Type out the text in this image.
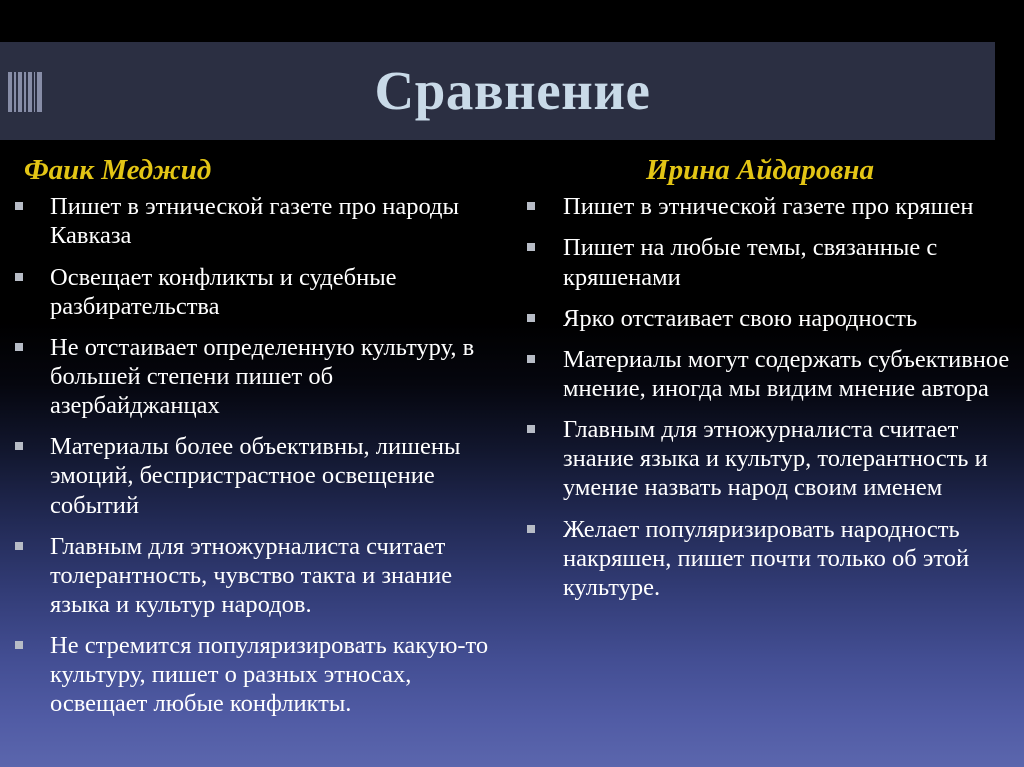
Сравнение
Фаик Меджид
Пишет в этнической газете про народы Кавказа
Освещает конфликты и судебные разбирательства
Не отстаивает определенную культуру, в большей степени пишет об азербайджанцах
Материалы более объективны, лишены эмоций, беспристрастное освещение событий
Главным для этножурналиста считает толерантность, чувство такта и знание языка и культур народов.
Не стремится популяризировать какую-то культуру, пишет о разных этносах, освещает любые конфликты.
Ирина Айдаровна
Пишет в этнической газете про кряшен
Пишет на любые темы, связанные с кряшенами
Ярко отстаивает свою народность
Материалы могут содержать субъективное мнение, иногда мы видим мнение автора
Главным для этножурналиста считает знание языка и культур, толерантность и умение назвать народ своим именем
Желает популяризировать народность накряшен, пишет почти только об этой культуре.
